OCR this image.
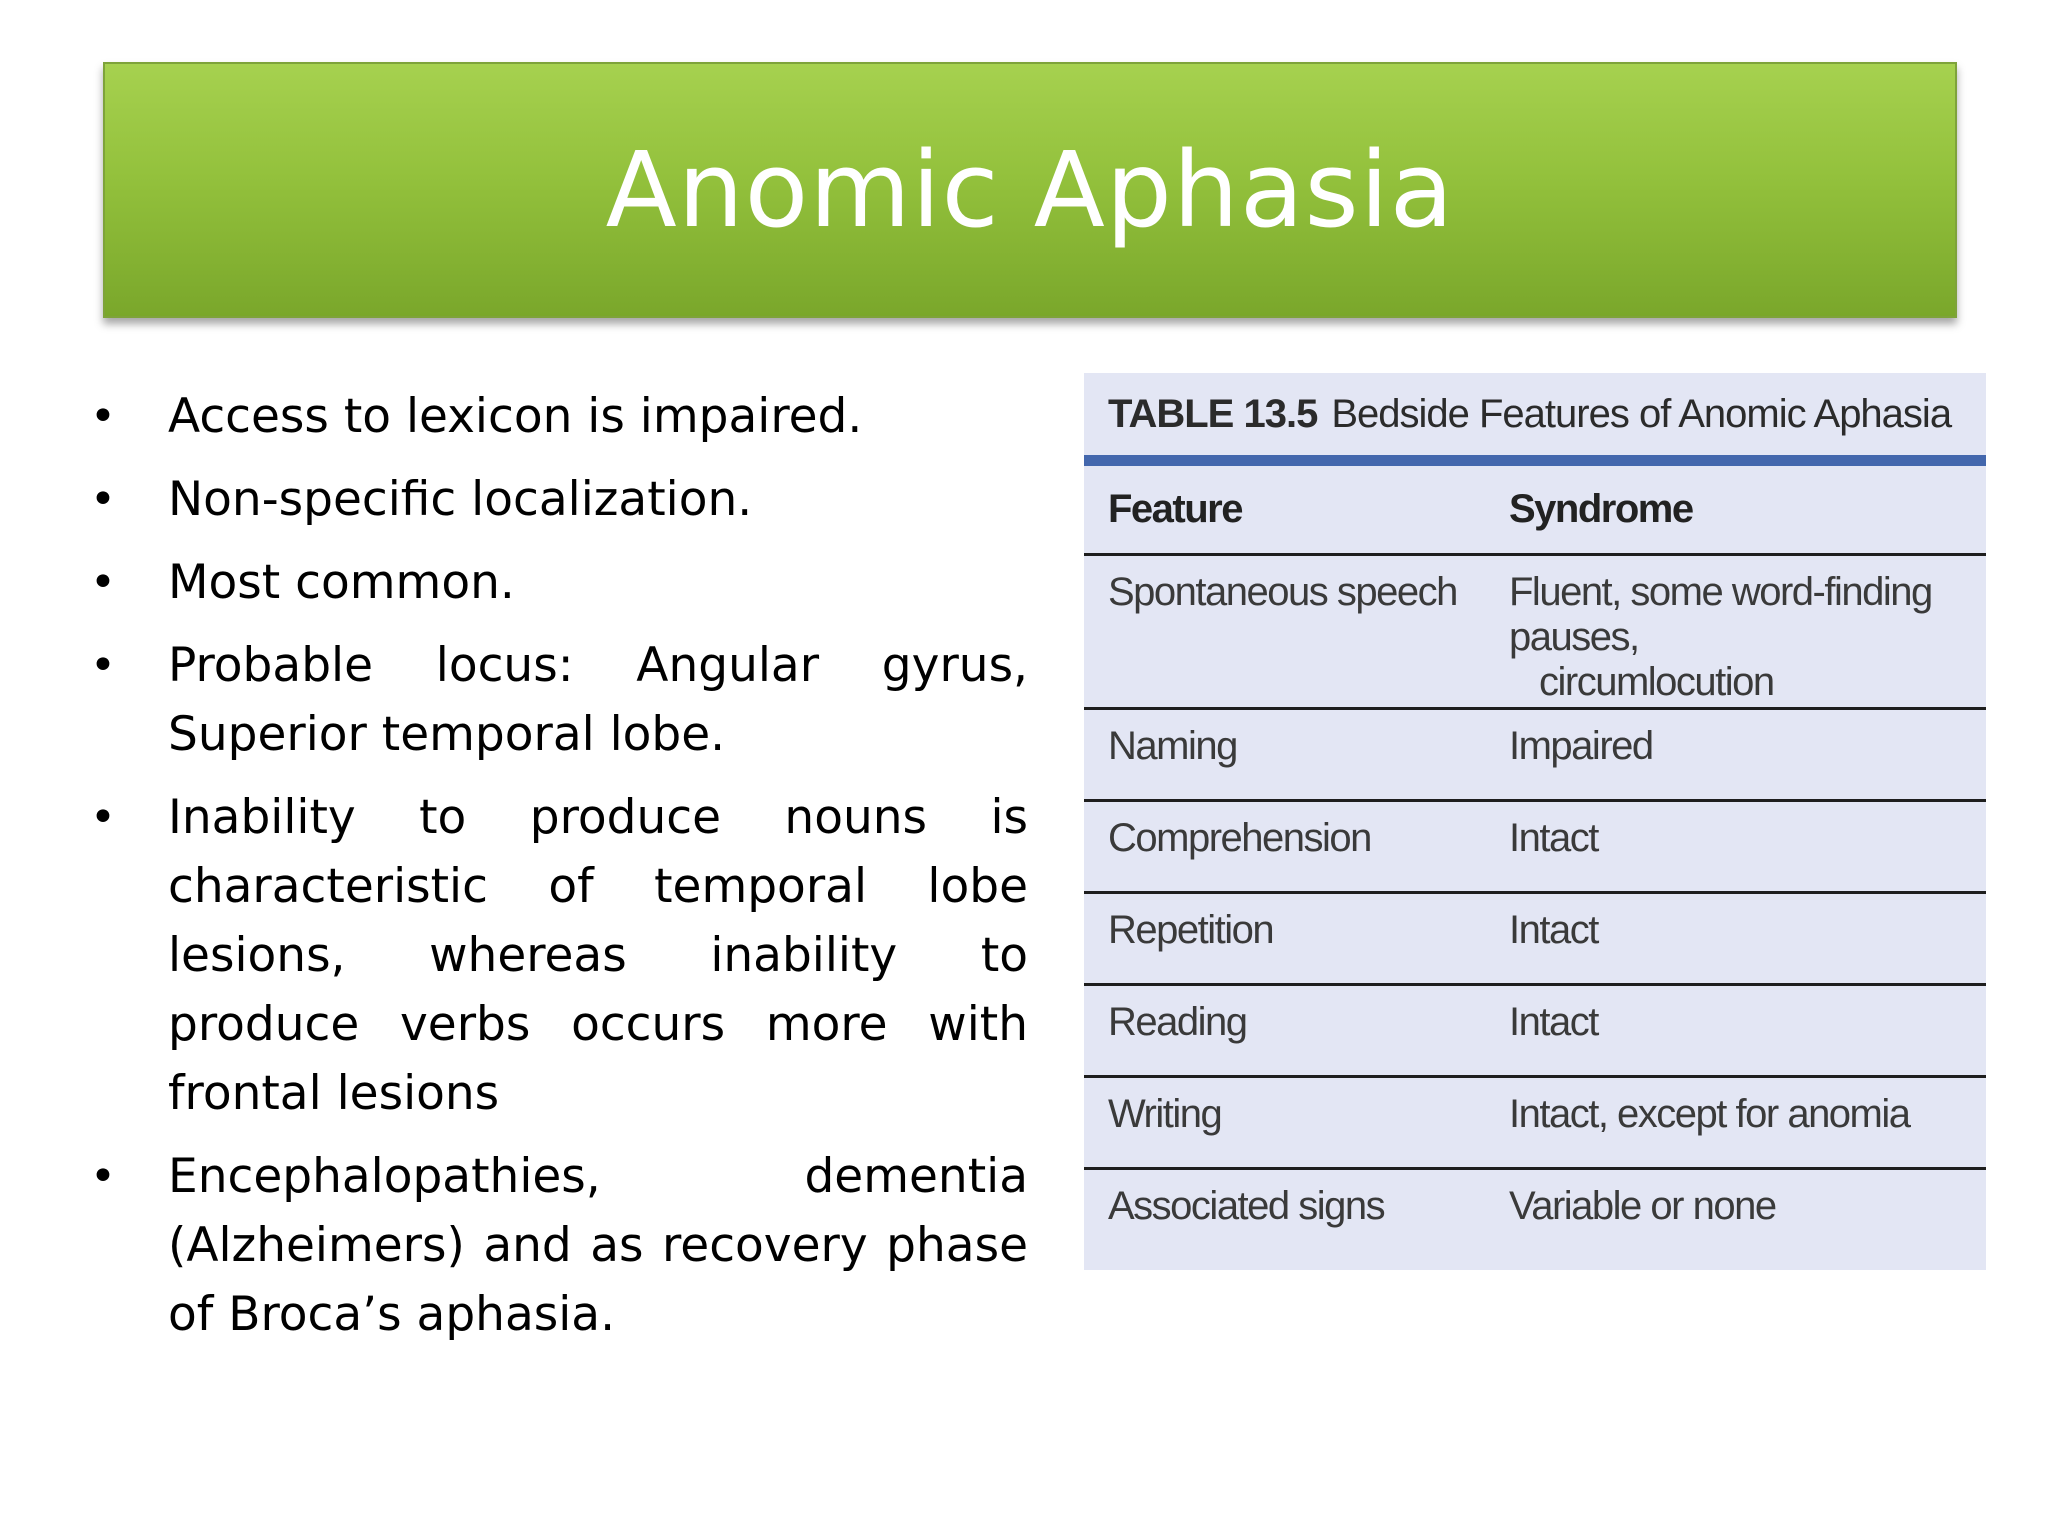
Anomic Aphasia
• Access to lexicon is impaired.
• Non-specific localization.
• Most common.
• Probable locus: Angular gyrus, Superior temporal lobe.
• Inability to produce nouns is characteristic of temporal lobe lesions, whereas inability to produce verbs occurs more with frontal lesions
• Encephalopathies, dementia (Alzheimers) and as recovery phase of Broca’s aphasia.
TABLE 13.5 Bedside Features of Anomic Aphasia
Feature	Syndrome
Spontaneous speech	Fluent, some word-finding pauses,
circumlocution
Naming	Impaired
Comprehension	Intact
Repetition	Intact
Reading	Intact
Writing	Intact, except for anomia
Associated signs	Variable or none
